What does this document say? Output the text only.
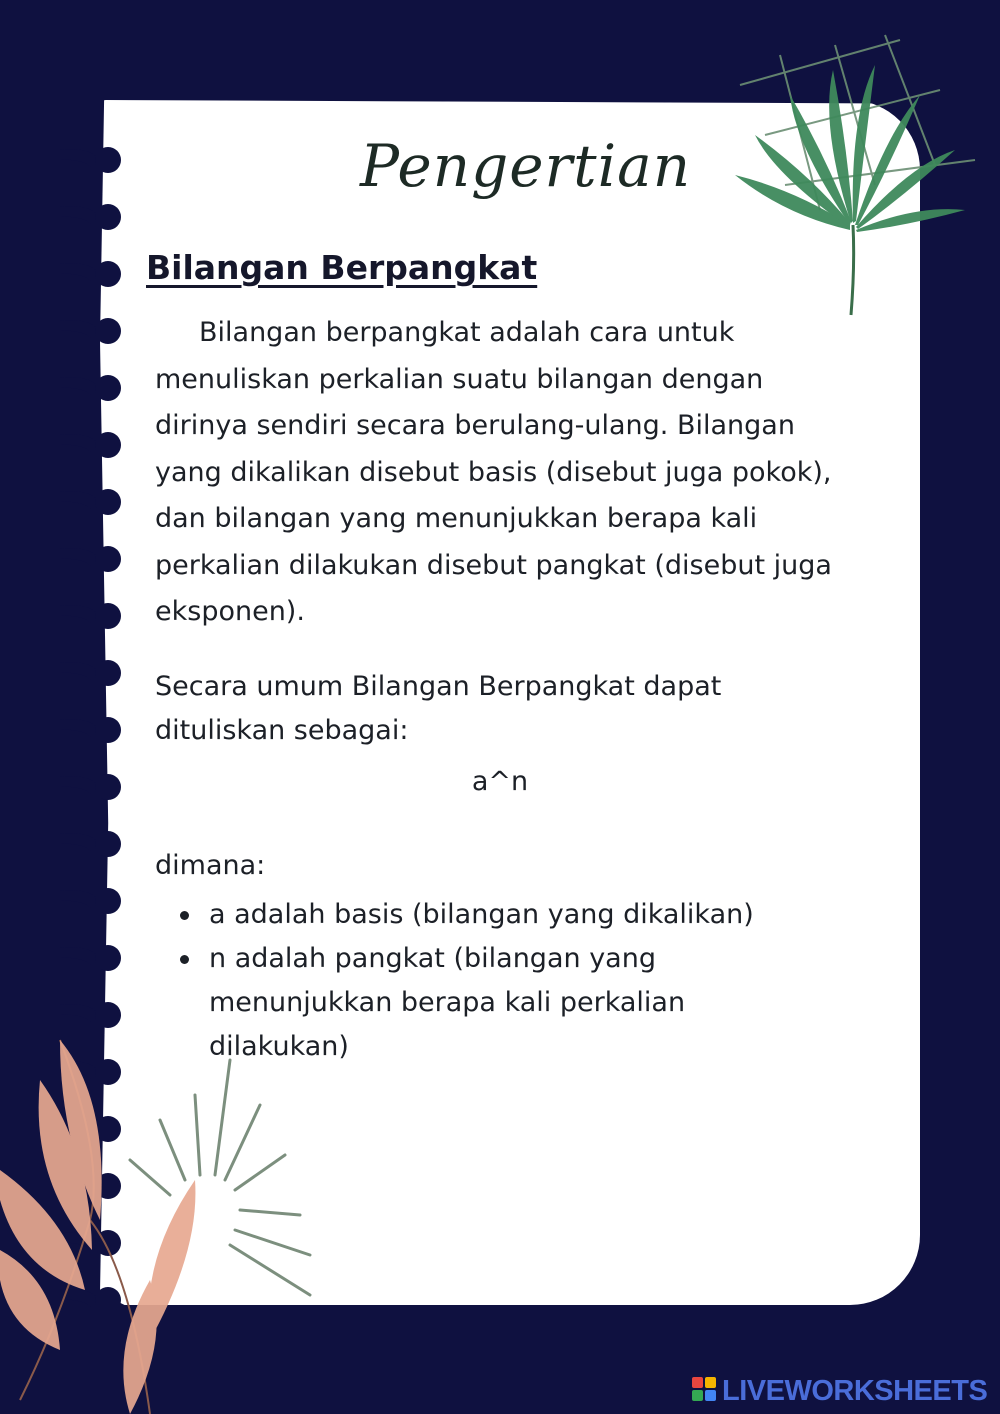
Pengertian
Bilangan Berpangkat
Bilangan berpangkat adalah cara untuk menuliskan perkalian suatu bilangan dengan dirinya sendiri secara berulang-ulang. Bilangan yang dikalikan disebut basis (disebut juga pokok), dan bilangan yang menunjukkan berapa kali perkalian dilakukan disebut pangkat (disebut juga eksponen).
Secara umum Bilangan Berpangkat dapat dituliskan sebagai:
a^n
dimana:
a adalah basis (bilangan yang dikalikan)
n adalah pangkat (bilangan yang menunjukkan berapa kali perkalian dilakukan)
LIVEWORKSHEETS
